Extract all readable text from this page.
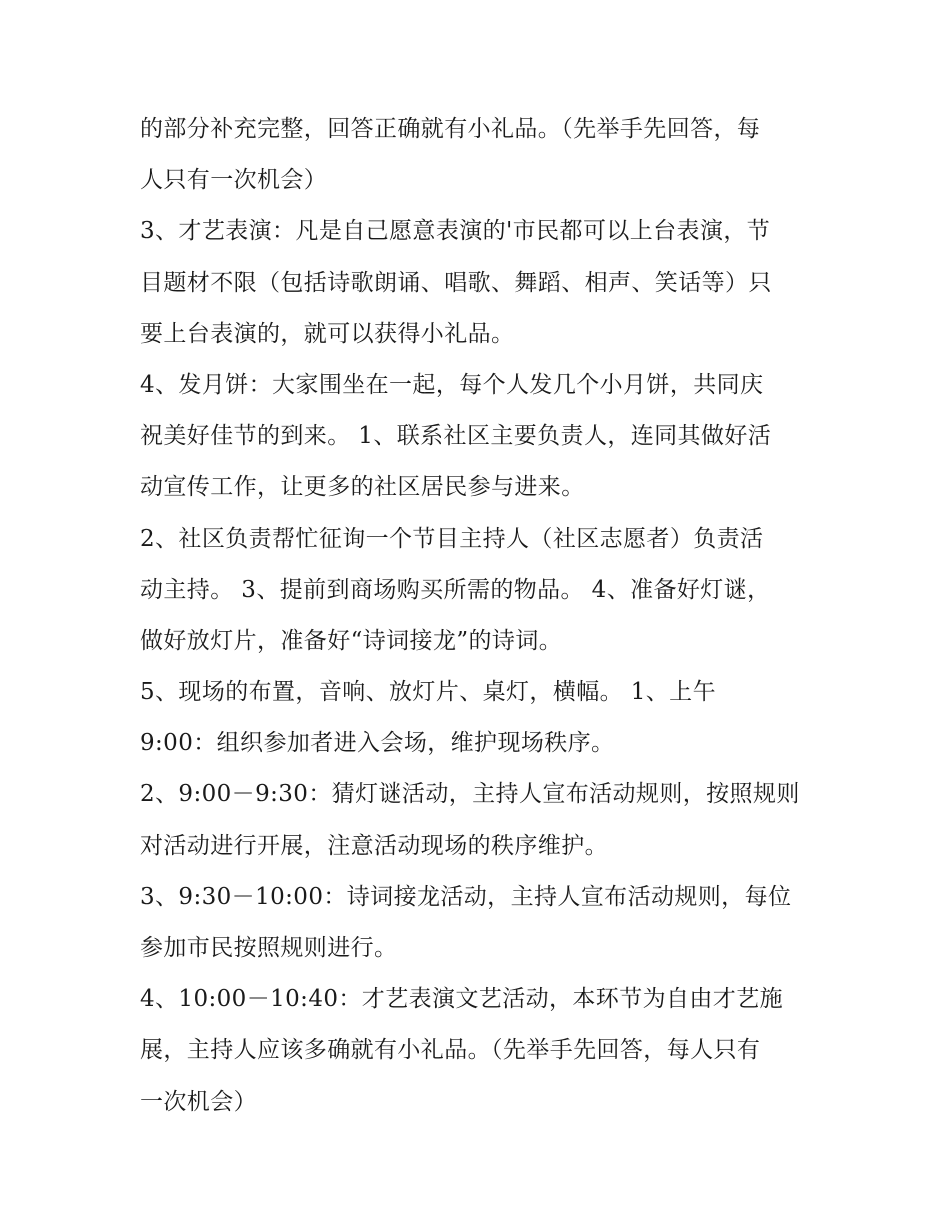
的部分补充完整，回答正确就有小礼品。（先举手先回答，每
人只有一次机会）
3、才艺表演：凡是自己愿意表演的'市民都可以上台表演，节
目题材不限（包括诗歌朗诵、唱歌、舞蹈、相声、笑话等）只
要上台表演的，就可以获得小礼品。
4、发月饼：大家围坐在一起，每个人发几个小月饼，共同庆
祝美好佳节的到来。 1、联系社区主要负责人，连同其做好活
动宣传工作，让更多的社区居民参与进来。
2、社区负责帮忙征询一个节目主持人（社区志愿者）负责活
动主持。 3、提前到商场购买所需的物品。 4、准备好灯谜，
做好放灯片，准备好“诗词接龙”的诗词。
5、现场的布置，音响、放灯片、桌灯，横幅。 1、上午
9:00：组织参加者进入会场，维护现场秩序。
2、9:00－9:30：猜灯谜活动，主持人宣布活动规则，按照规则
对活动进行开展，注意活动现场的秩序维护。
3、9:30－10:00：诗词接龙活动，主持人宣布活动规则，每位
参加市民按照规则进行。
4、10:00－10:40：才艺表演文艺活动，本环节为自由才艺施
展，主持人应该多确就有小礼品。（先举手先回答，每人只有
一次机会）
